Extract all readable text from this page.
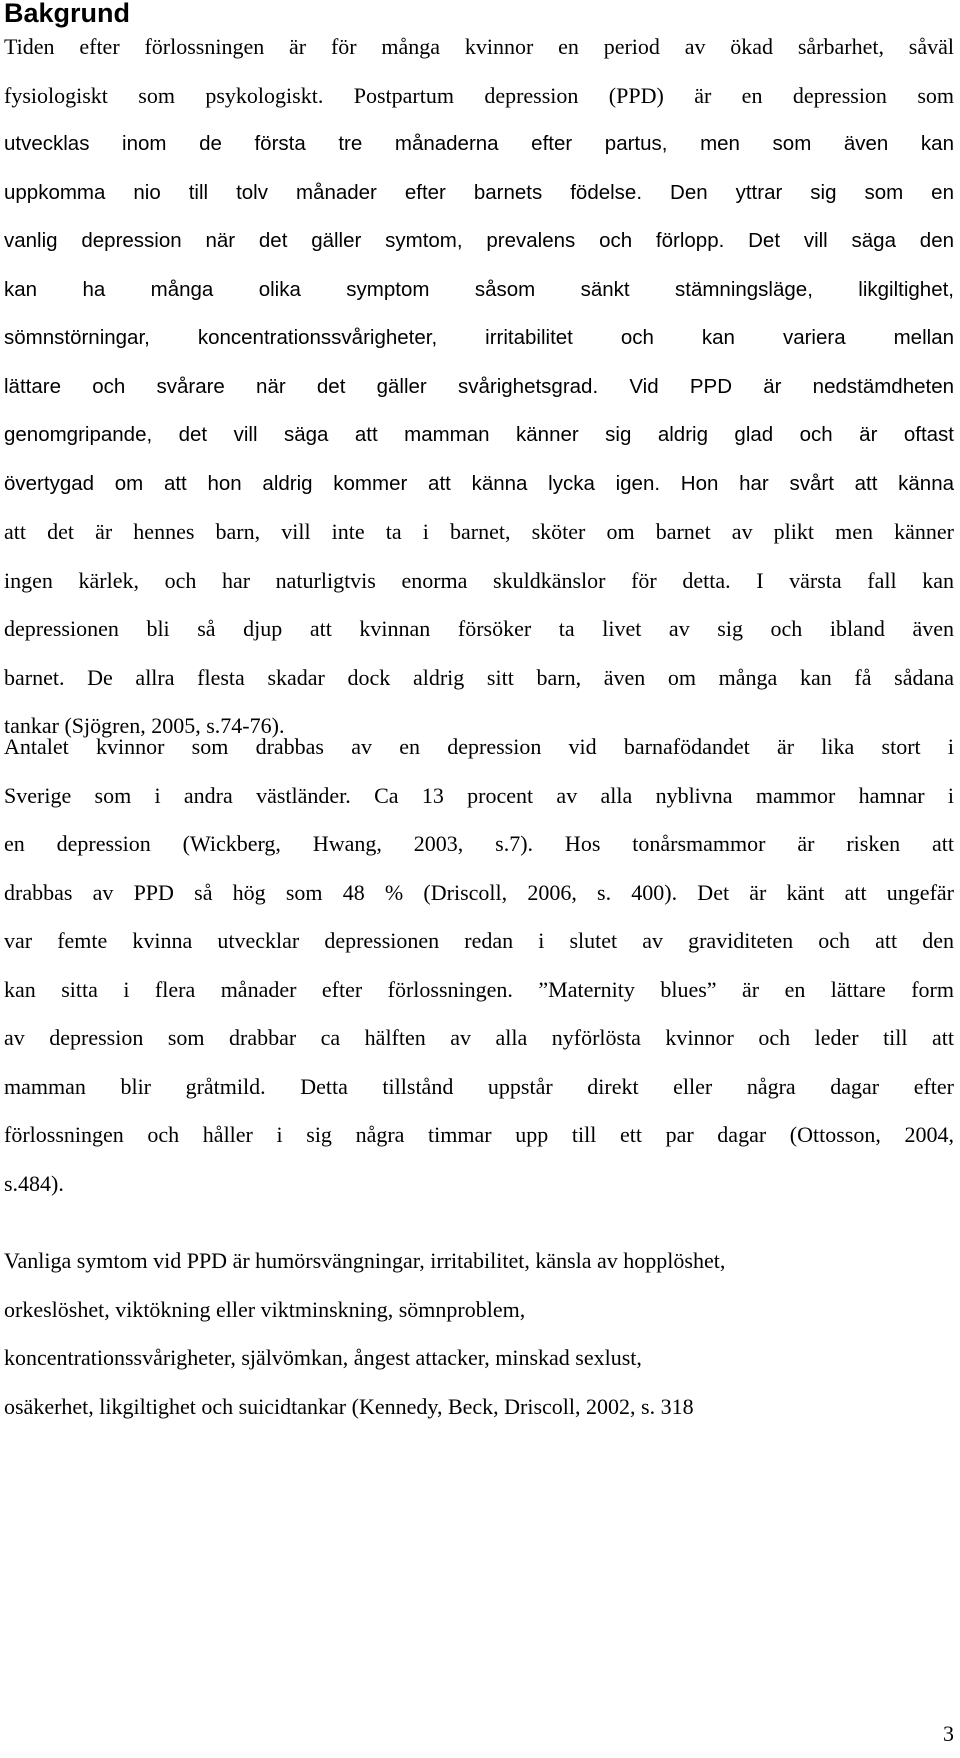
Bakgrund

Tiden efter förlossningen är för många kvinnor en period av ökad sårbarhet, såväl
fysiologiskt som psykologiskt. Postpartum depression (PPD) är en depression som
utvecklas inom de första tre månaderna efter partus, men som även kan
uppkomma nio till tolv månader efter barnets födelse. Den yttrar sig som en
vanlig depression när det gäller symtom, prevalens och förlopp. Det vill säga den
kan ha många olika symptom såsom sänkt stämningsläge, likgiltighet,
sömnstörningar, koncentrationssvårigheter, irritabilitet och kan variera mellan
lättare och svårare när det gäller svårighetsgrad. Vid PPD är nedstämdheten
genomgripande, det vill säga att mamman känner sig aldrig glad och är oftast
övertygad om att hon aldrig kommer att känna lycka igen. Hon har svårt att känna
att det är hennes barn, vill inte ta i barnet, sköter om barnet av plikt men känner
ingen kärlek, och har naturligtvis enorma skuldkänslor för detta. I värsta fall kan
depressionen bli så djup att kvinnan försöker ta livet av sig och ibland även
barnet. De allra flesta skadar dock aldrig sitt barn, även om många kan få sådana
tankar (Sjögren, 2005, s.74-76).

Antalet kvinnor som drabbas av en depression vid barnafödandet är lika stort i
Sverige som i andra västländer. Ca 13 procent av alla nyblivna mammor hamnar i
en depression (Wickberg, Hwang, 2003, s.7). Hos tonårsmammor är risken att
drabbas av PPD så hög som 48 % (Driscoll, 2006, s. 400). Det är känt att ungefär
var femte kvinna utvecklar depressionen redan i slutet av graviditeten och att den
kan sitta i flera månader efter förlossningen. ”Maternity blues” är en lättare form
av depression som drabbar ca hälften av alla nyförlösta kvinnor och leder till att
mamman blir gråtmild. Detta tillstånd uppstår direkt eller några dagar efter
förlossningen och håller i sig några timmar upp till ett par dagar (Ottosson, 2004,
s.484).

Vanliga symtom vid PPD är humörsvängningar, irritabilitet, känsla av hopplöshet,
orkeslöshet, viktökning eller viktminskning, sömnproblem,
koncentrationssvårigheter, självömkan, ångest attacker, minskad sexlust,
osäkerhet, likgiltighet och suicidtankar (Kennedy, Beck, Driscoll, 2002, s. 318

3
